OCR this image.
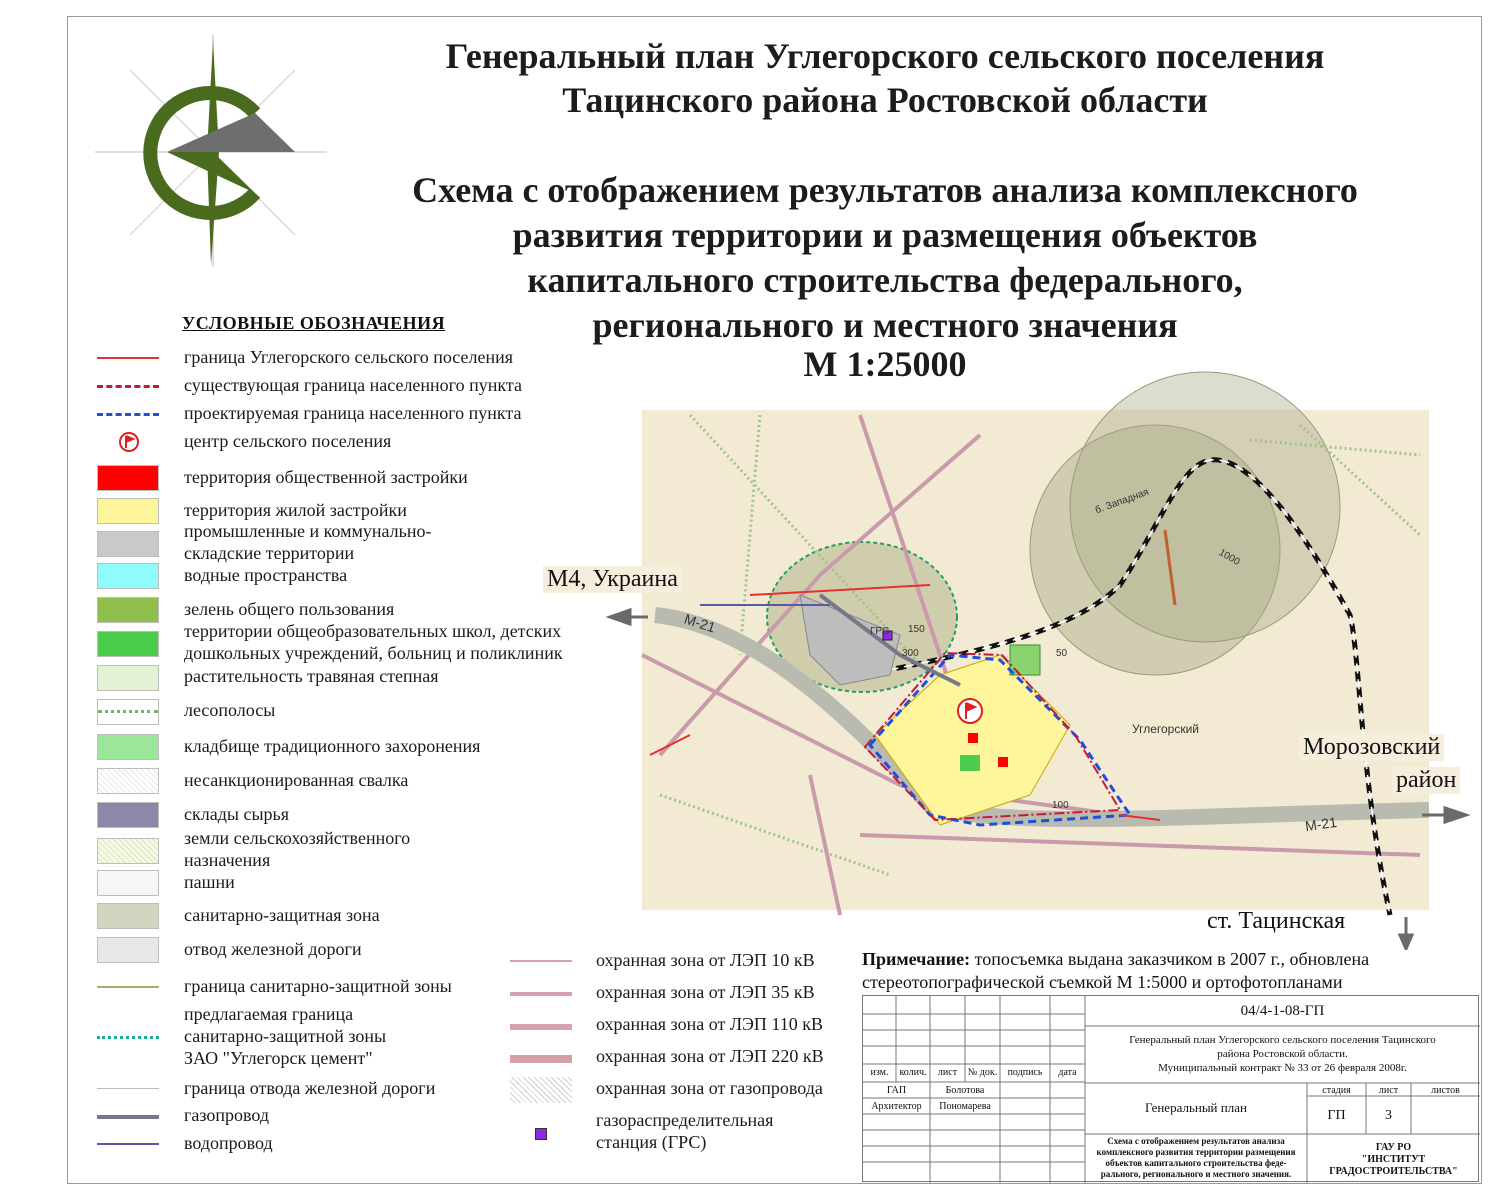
Генеральный план Углегорского сельского поселения
Тацинского района Ростовской области
Схема с отображением результатов анализа комплексного
развития территории и размещения объектов
капитального строительства федерального,
регионального и местного значения
М 1:25000
УСЛОВНЫЕ ОБОЗНАЧЕНИЯ
граница Углегорского сельского поселения
существующая граница населенного пункта
проектируемая граница населенного пункта
центр сельского поселения
территория общественной застройки
территория жилой застройки
промышленные и коммунально-
складские территории
водные пространства
зелень общего пользования
территории общеобразовательных школ, детских
дошкольных учреждений, больниц и поликлиник
растительность травяная степная
лесополосы
кладбище традиционного захоронения
несанкционированная свалка
склады сырья
земли сельскохозяйственного
назначения
пашни
санитарно-защитная зона
отвод железной дороги
граница санитарно-защитной зоны
предлагаемая граница
санитарно-защитной зоны
ЗАО "Углегорск цемент"
граница отвода железной дороги
газопровод
водопровод
охранная зона от ЛЭП 10 кВ
охранная зона от ЛЭП 35 кВ
охранная зона от ЛЭП 110 кВ
охранная зона от ЛЭП 220 кВ
охранная зона от газопровода
газораспределительная
станция (ГРС)
М4, Украина
Морозовский
район
ст. Тацинская
М-21
М-21
ГРС
Углегорский
б. Западная
1000
300
150
100
50
Примечание: топосъемка выдана заказчиком в 2007 г., обновлена
стереотопографической съемкой М 1:5000 и ортофотопланами
04/4-1-08-ГП
Генеральный план Углегорского сельского поселения Тацинского
района Ростовской области.
Муниципальный контракт № 33 от 26 февраля 2008г.
изм.	колич.	лист	№ док.	подпись	дата
ГАП	Болотова
Архитектор	Пономарева	Генеральный план
стадия	лист	листов
ГП	3
Схема с отображением результатов анализа
комплексного развития территории размещения
объектов капитального строительства феде-
рального, регионального и местного значения.
ГАУ РО
"ИНСТИТУТ
ГРАДОСТРОИТЕЛЬСТВА"
